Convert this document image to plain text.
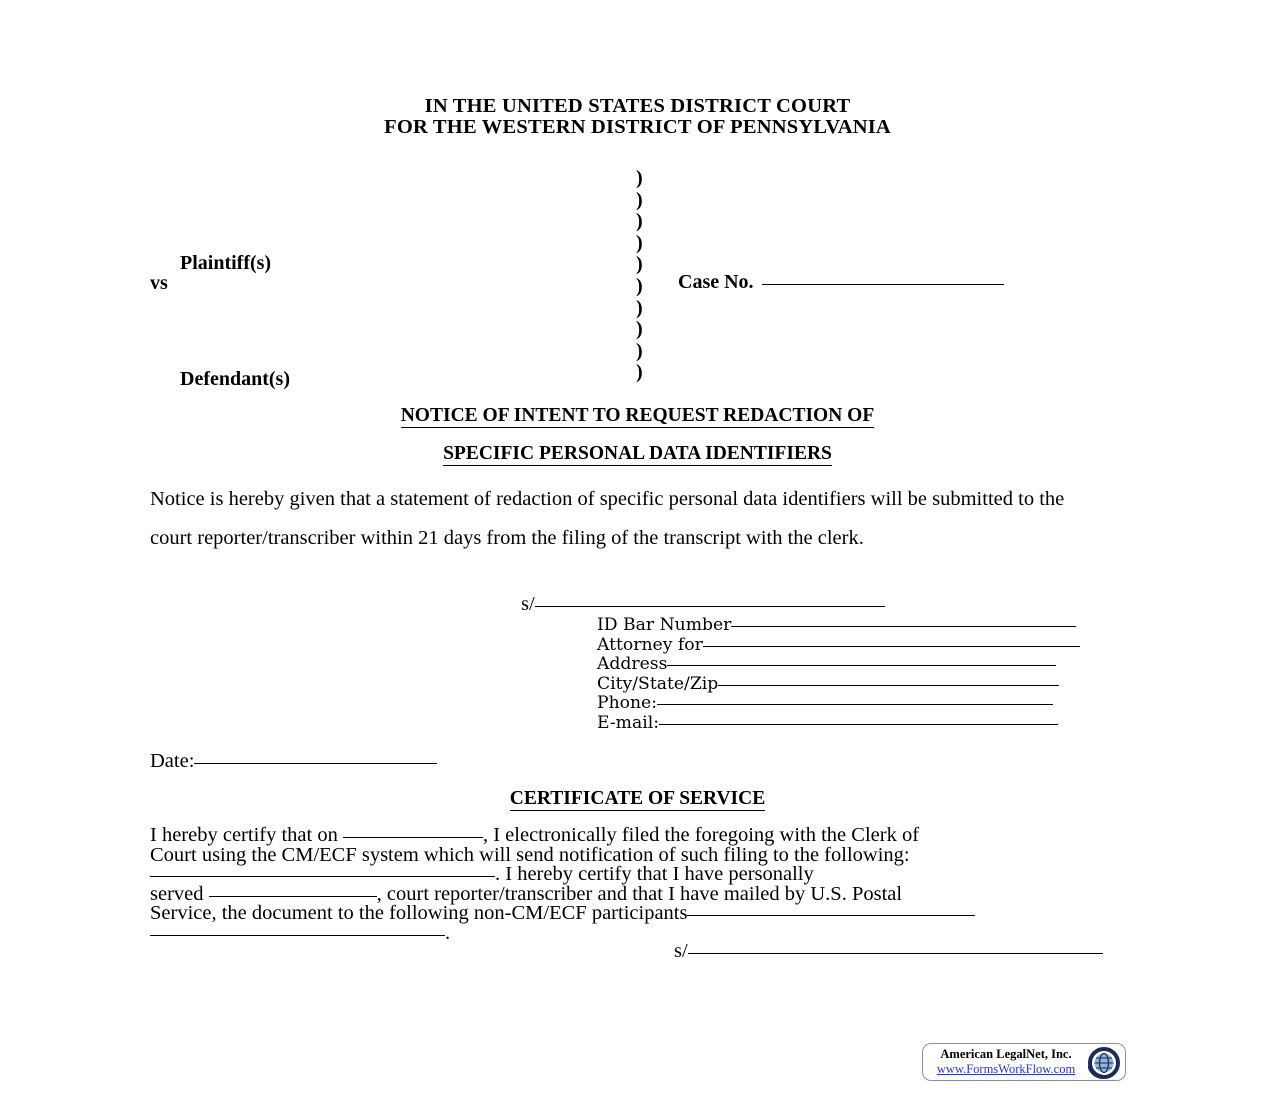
IN THE UNITED STATES DISTRICT COURT
FOR THE WESTERN DISTRICT OF PENNSYLVANIA
)
)
)
)
)
)
)
)
)
)
Plaintiff(s)
vs
Defendant(s)
Case No.
NOTICE OF INTENT TO REQUEST REDACTION OF
SPECIFIC PERSONAL DATA IDENTIFIERS
Notice is hereby given that a statement of redaction of specific personal data identifiers will be submitted to the court reporter/transcriber within 21 days from the filing of the transcript with the clerk.
s/
ID Bar Number
Attorney for
Address
City/State/Zip
Phone:
E-mail:
Date:
CERTIFICATE OF SERVICE
I hereby certify that on	, I electronically filed the foregoing with the Clerk of
Court using the CM/ECF system which will send notification of such filing to the following:
. I hereby certify that I have personally
served	, court reporter/transcriber and that I have mailed by U.S. Postal
Service, the document to the following non-CM/ECF participants
.
s/
American LegalNet, Inc.
www.FormsWorkFlow.com
